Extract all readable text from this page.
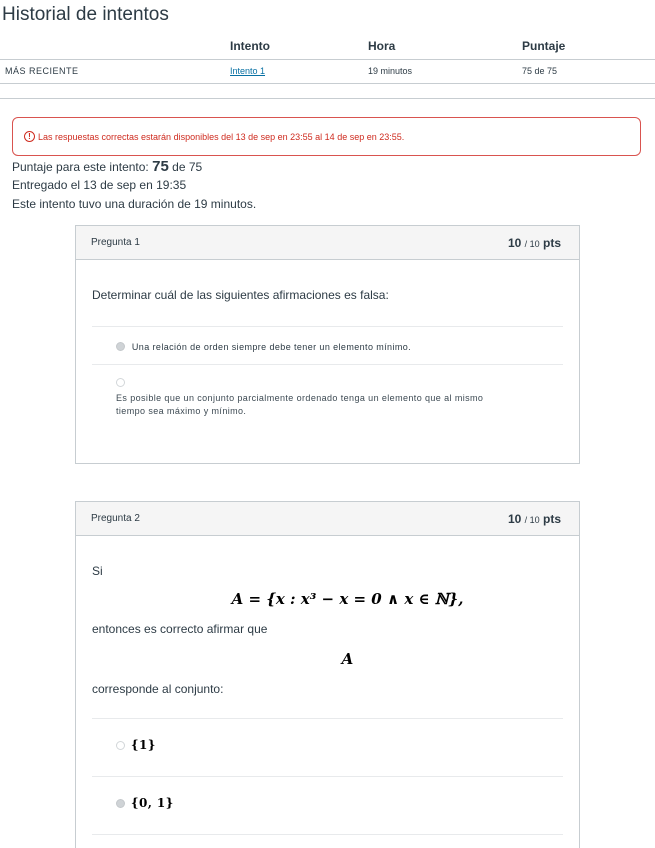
Historial de intentos
	Intento	Hora	Puntaje
MÁS RECIENTE	Intento 1	19 minutos	75 de 75
! Las respuestas correctas estarán disponibles del 13 de sep en 23:55 al 14 de sep en 23:55.
Puntaje para este intento: 75 de 75
Entregado el 13 de sep en 19:35
Este intento tuvo una duración de 19 minutos.
Pregunta 1	10 / 10 pts
Determinar cuál de las siguientes afirmaciones es falsa:
Una relación de orden siempre debe tener un elemento mínimo.
Es posible que un conjunto parcialmente ordenado tenga un elemento que al mismo
tiempo sea máximo y mínimo.
Pregunta 2	10 / 10 pts
Si
A = {x : x³ − x = 0 ∧ x ∈ ℕ},
entonces es correcto afirmar que
A
corresponde al conjunto:
{1}
{0, 1}
